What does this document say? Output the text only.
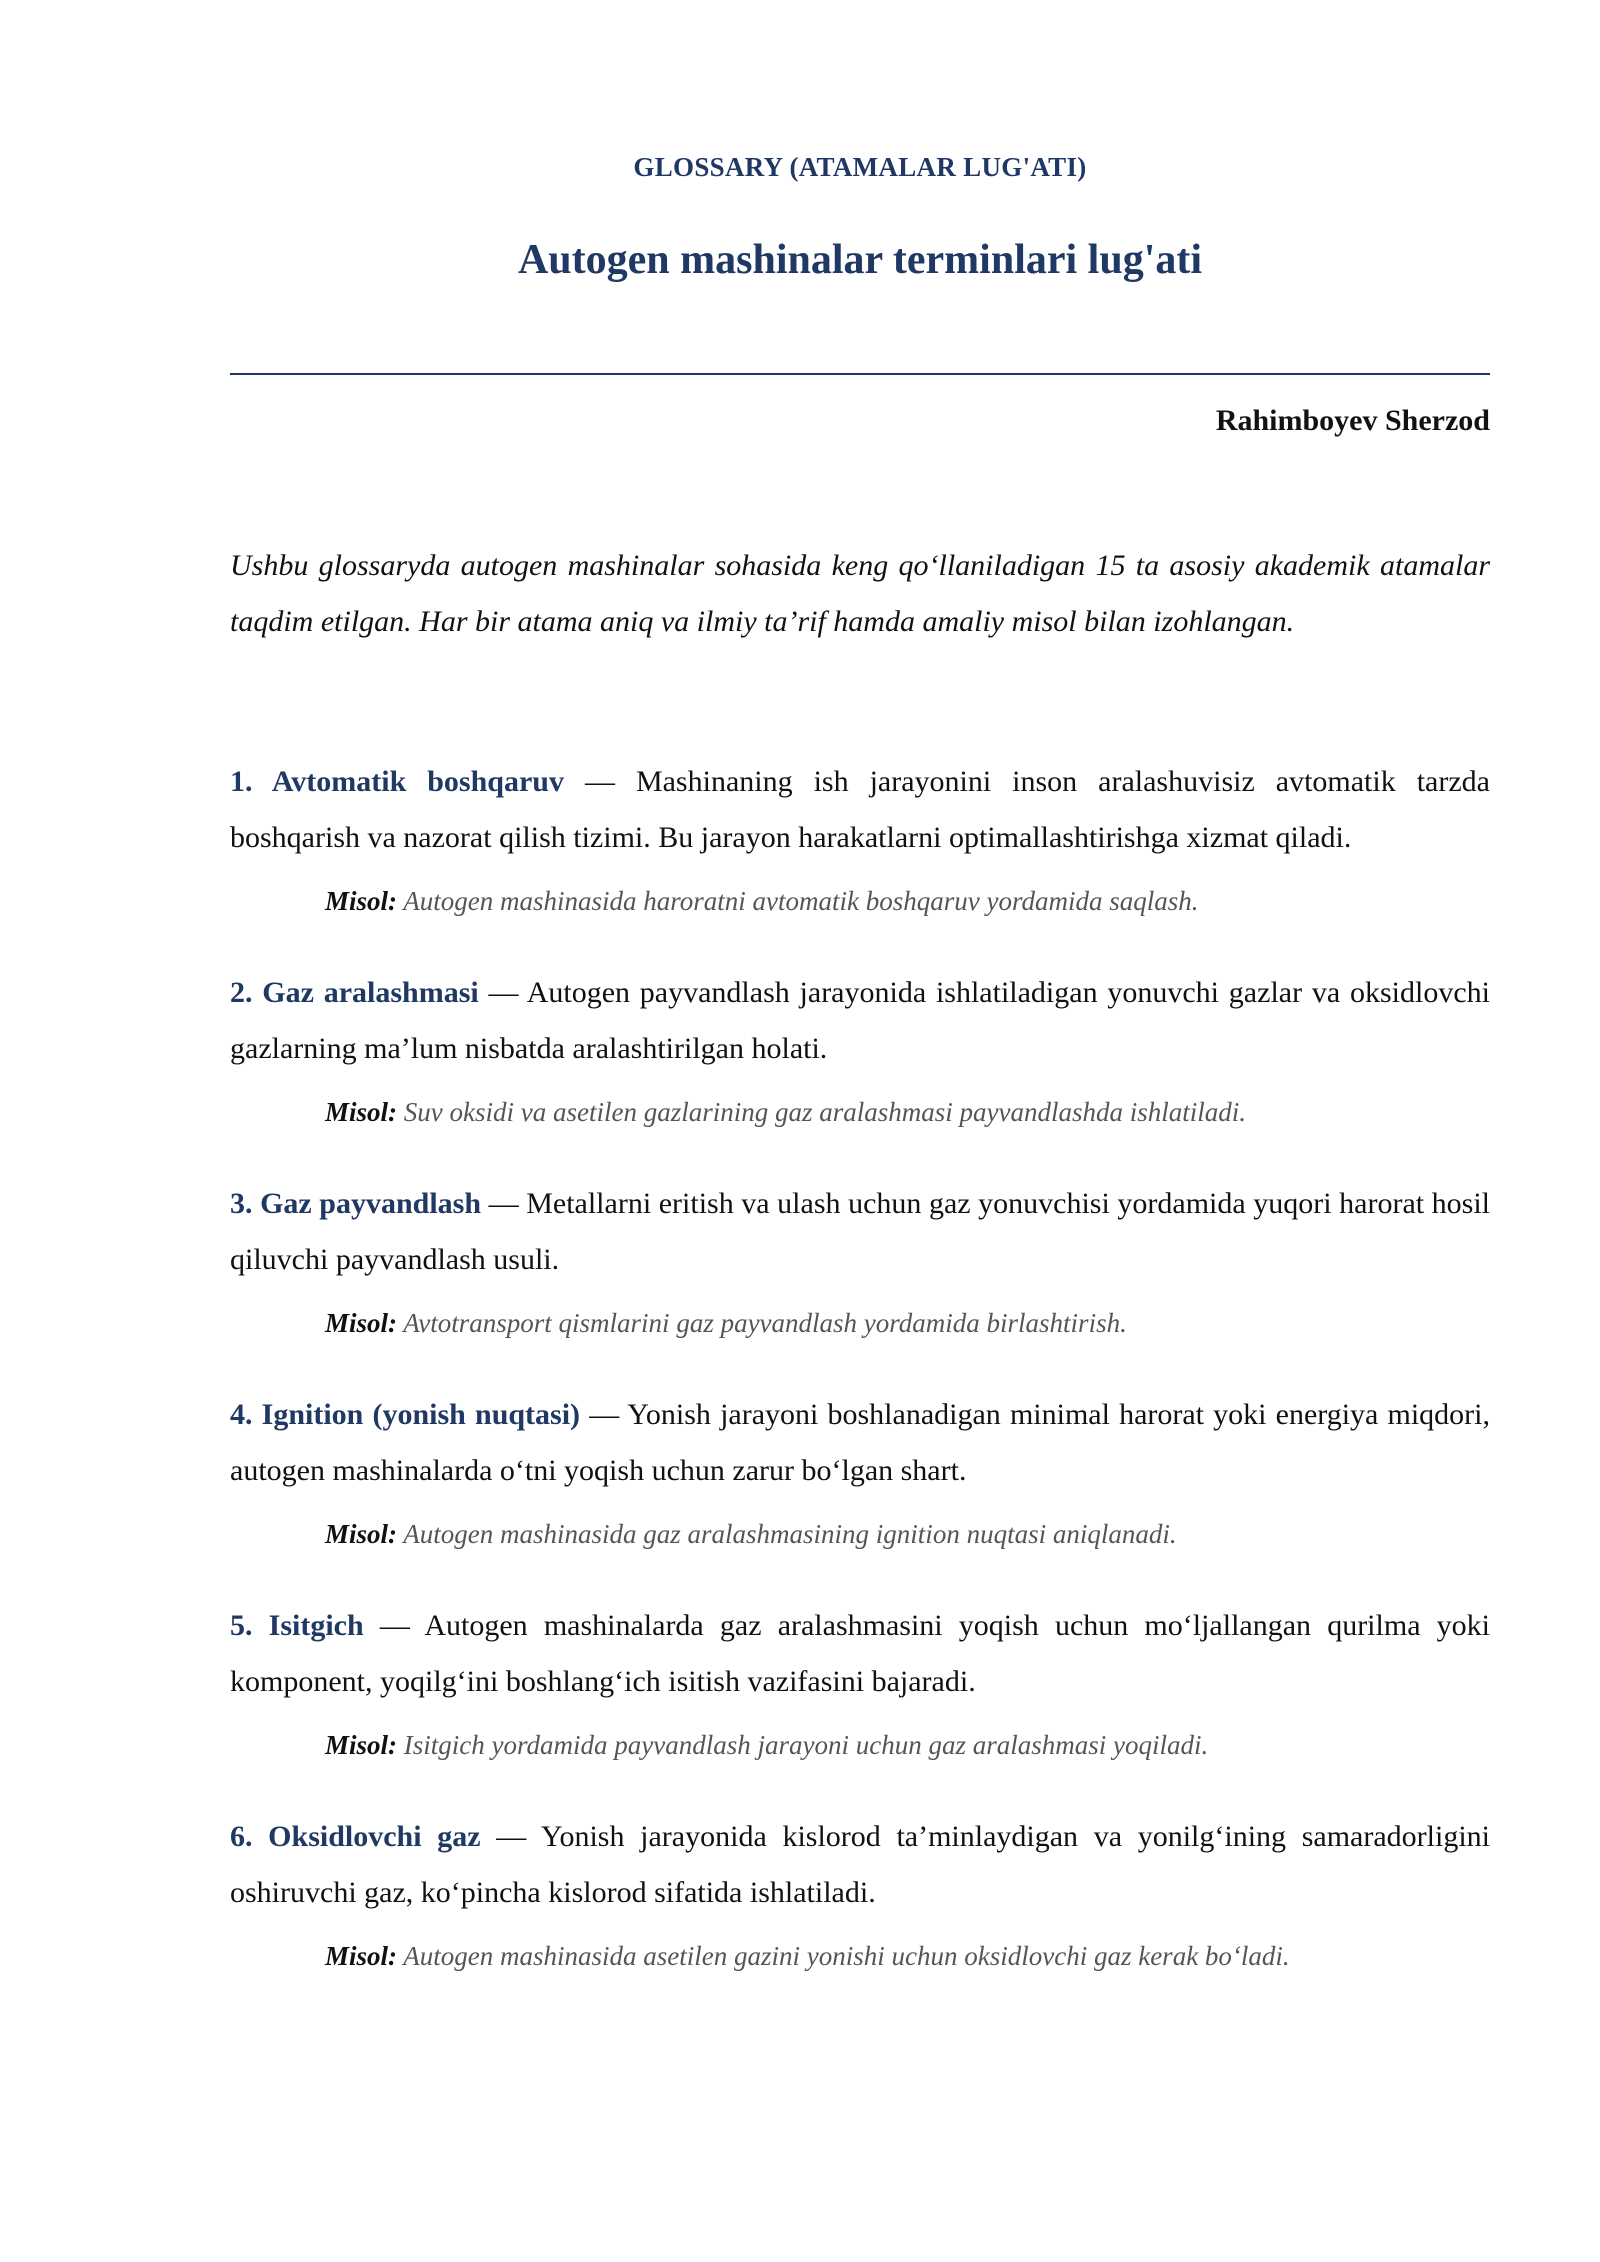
GLOSSARY (ATAMALAR LUG'ATI)
Autogen mashinalar terminlari lug'ati
Rahimboyev Sherzod

Ushbu glossaryda autogen mashinalar sohasida keng qo‘llaniladigan 15 ta asosiy akademik atamalar taqdim etilgan. Har bir atama aniq va ilmiy ta’rif hamda amaliy misol bilan izohlangan.

1. Avtomatik boshqaruv — Mashinaning ish jarayonini inson aralashuvisiz avtomatik tarzda boshqarish va nazorat qilish tizimi. Bu jarayon harakatlarni optimallashtirishga xizmat qiladi.

Misol: Autogen mashinasida haroratni avtomatik boshqaruv yordamida saqlash.

2. Gaz aralashmasi — Autogen payvandlash jarayonida ishlatiladigan yonuvchi gazlar va oksidlovchi gazlarning ma’lum nisbatda aralashtirilgan holati.

Misol: Suv oksidi va asetilen gazlarining gaz aralashmasi payvandlashda ishlatiladi.

3. Gaz payvandlash — Metallarni eritish va ulash uchun gaz yonuvchisi yordamida yuqori harorat hosil qiluvchi payvandlash usuli.

Misol: Avtotransport qismlarini gaz payvandlash yordamida birlashtirish.

4. Ignition (yonish nuqtasi) — Yonish jarayoni boshlanadigan minimal harorat yoki energiya miqdori, autogen mashinalarda o‘tni yoqish uchun zarur bo‘lgan shart.

Misol: Autogen mashinasida gaz aralashmasining ignition nuqtasi aniqlanadi.

5. Isitgich — Autogen mashinalarda gaz aralashmasini yoqish uchun mo‘ljallangan qurilma yoki komponent, yoqilg‘ini boshlang‘ich isitish vazifasini bajaradi.

Misol: Isitgich yordamida payvandlash jarayoni uchun gaz aralashmasi yoqiladi.

6. Oksidlovchi gaz — Yonish jarayonida kislorod ta’minlaydigan va yonilg‘ining samaradorligini oshiruvchi gaz, ko‘pincha kislorod sifatida ishlatiladi.

Misol: Autogen mashinasida asetilen gazini yonishi uchun oksidlovchi gaz kerak bo‘ladi.
